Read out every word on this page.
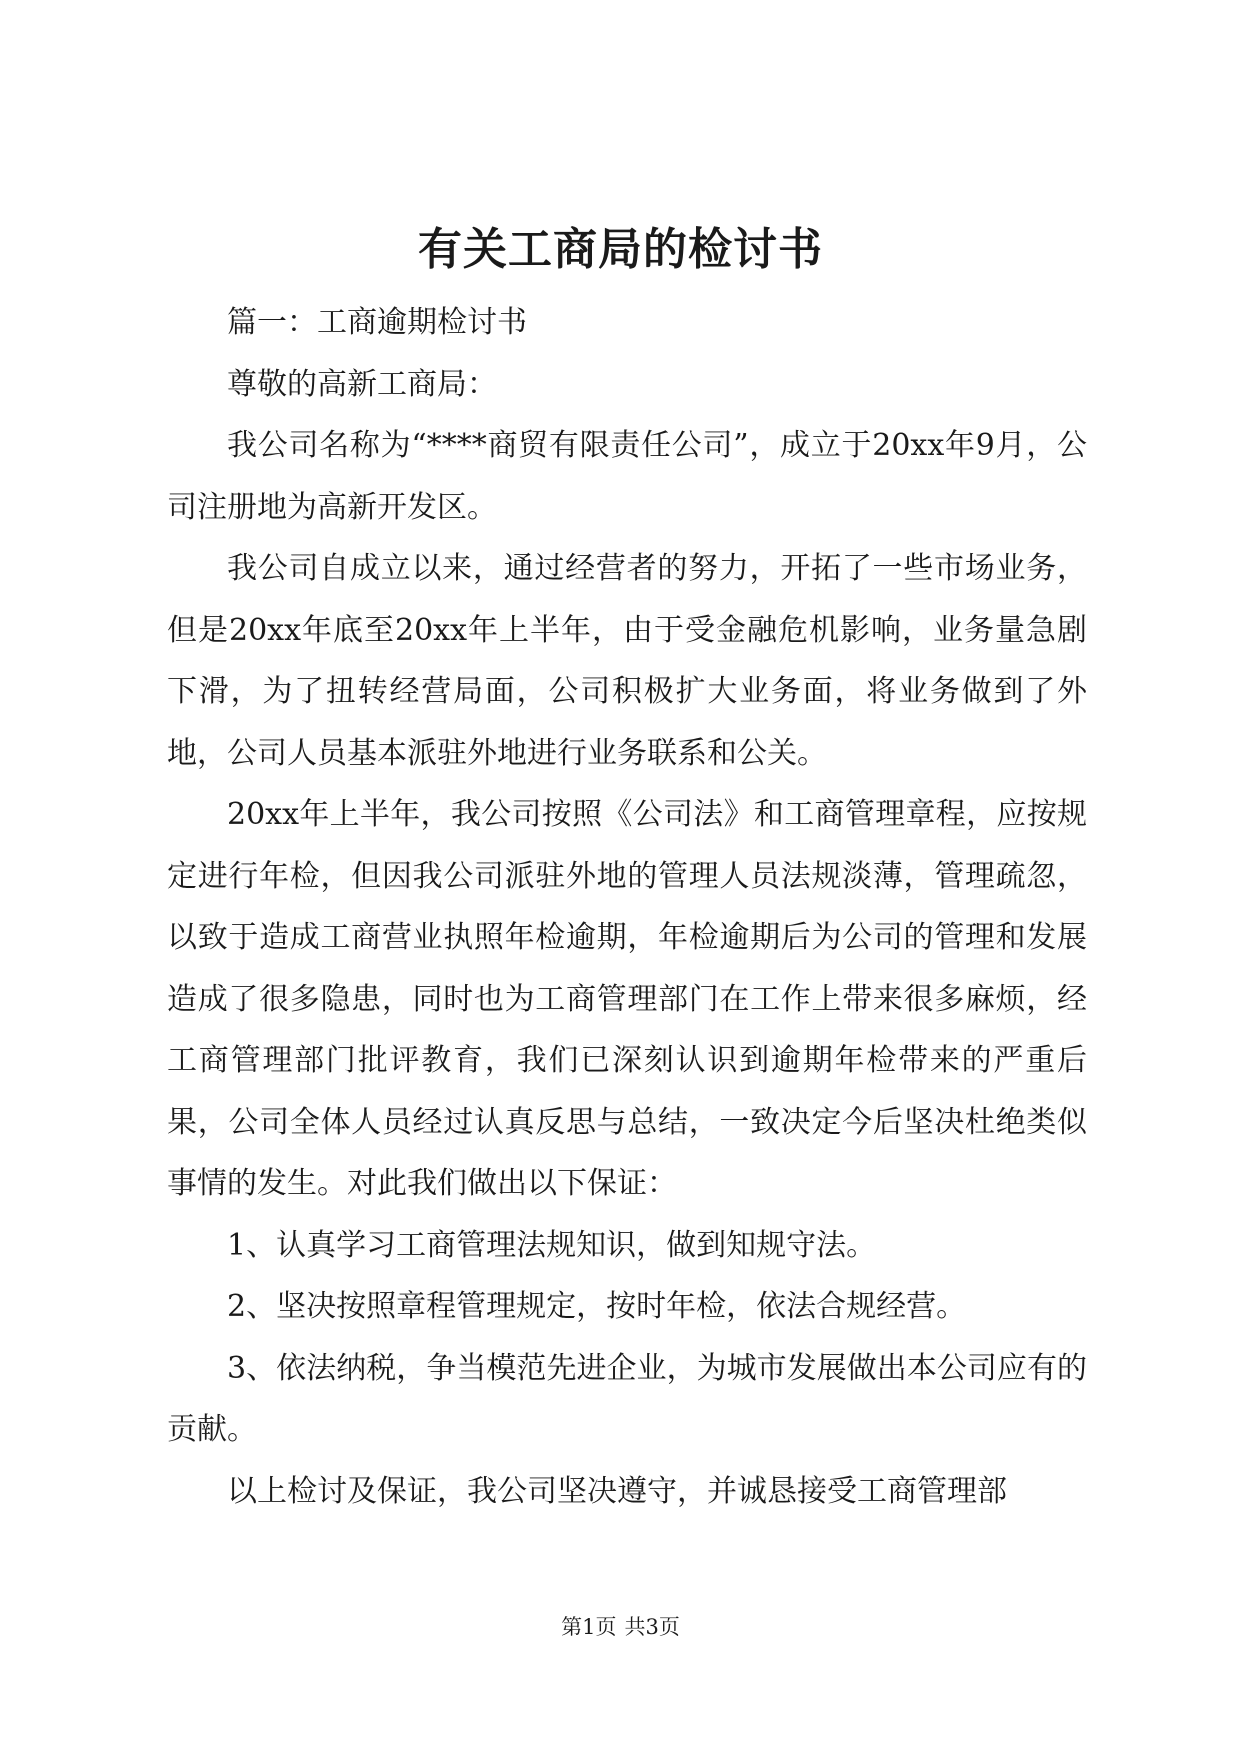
有关工商局的检讨书

篇一：工商逾期检讨书

尊敬的高新工商局：

我公司名称为“****商贸有限责任公司”，成立于20xx年9月，公司注册地为高新开发区。

我公司自成立以来，通过经营者的努力，开拓了一些市场业务，但是20xx年底至20xx年上半年，由于受金融危机影响，业务量急剧下滑，为了扭转经营局面，公司积极扩大业务面，将业务做到了外地，公司人员基本派驻外地进行业务联系和公关。

20xx年上半年，我公司按照《公司法》和工商管理章程，应按规定进行年检，但因我公司派驻外地的管理人员法规淡薄，管理疏忽，以致于造成工商营业执照年检逾期，年检逾期后为公司的管理和发展造成了很多隐患，同时也为工商管理部门在工作上带来很多麻烦，经工商管理部门批评教育，我们已深刻认识到逾期年检带来的严重后果，公司全体人员经过认真反思与总结，一致决定今后坚决杜绝类似事情的发生。对此我们做出以下保证：

1、认真学习工商管理法规知识，做到知规守法。

2、坚决按照章程管理规定，按时年检，依法合规经营。

3、依法纳税，争当模范先进企业，为城市发展做出本公司应有的贡献。

以上检讨及保证，我公司坚决遵守，并诚恳接受工商管理部

第1页 共3页
